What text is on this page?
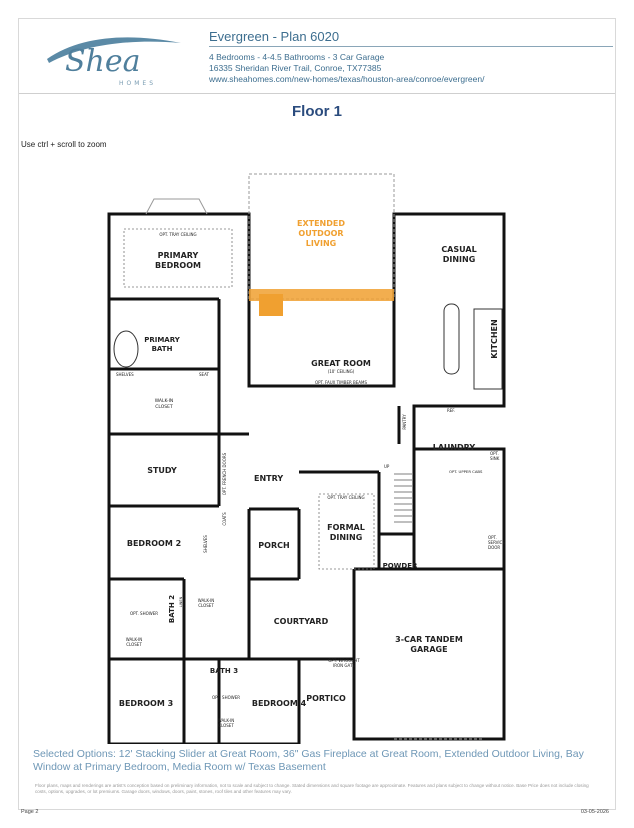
Shea
HOMES
Evergreen - Plan 6020
4 Bedrooms - 4-4.5 Bathrooms - 3 Car Garage
16335 Sheridan River Trail, Conroe, TX77385
www.sheahomes.com/new-homes/texas/houston-area/conroe/evergreen/
Floor 1
Use ctrl + scroll to zoom
EXTENDED
OUTDOOR
LIVING
CASUAL
DINING
OPT. TRAY CEILING
PRIMARY
BEDROOM
PRIMARY
BATH
SHELVES	SEAT
WALK-IN
CLOSET
KITCHEN
GREAT ROOM
(10' CEILING)
OPT. FAUX TIMBER BEAMS
PANTRY
REF.
LAUNDRY
OPT.
SINK
OPT. UPPER CABS
STUDY	OPT. FRENCH DOORS	ENTRY
UP
OPT. TRAY CEILING
FORMAL
DINING
BEDROOM 2
COATS
SHELVES	PORCH
POWDER
OPT.
SERVICE
DOOR
BATH 2 LINEN
OPT. SHOWER
WALK-IN
CLOSET
COURTYARD
3-CAR TANDEM
GARAGE
WALK-IN
CLOSET
OPT. WROUGHT
IRON GATE
BATH 3
OPT. SHOWER
BEDROOM 3	BEDROOM 4
PORTICO
WALK-IN
CLOSET
Selected Options: 12' Stacking Slider at Great Room, 36" Gas Fireplace at Great Room, Extended Outdoor Living, Bay Window at Primary Bedroom, Media Room w/ Texas Basement
Floor plans, maps and renderings are artist's conception based on preliminary information, not to scale and subject to change. Stated dimensions and square footage are approximate. Features and plans subject to change without notice. Base Price does not include closing costs, options, upgrades, or lot premiums. Garage doors, windows, doors, paint, stones, roof tiles and other features may vary.
Page 2	03-05-2026
